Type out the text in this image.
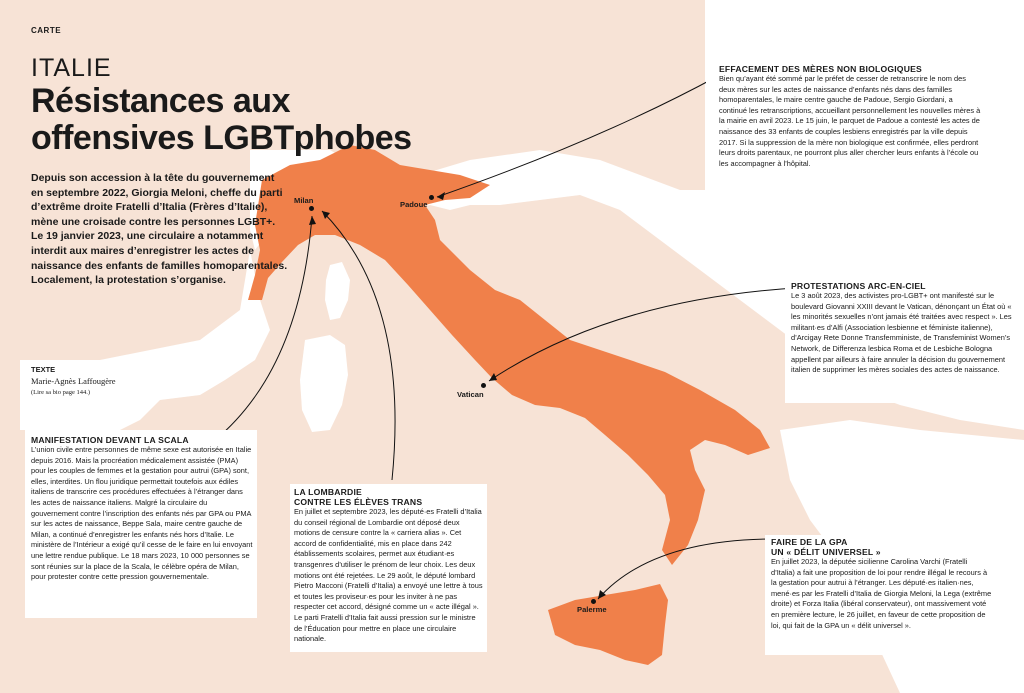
CARTE
ITALIE
Résistances aux
offensives LGBTphobes
Depuis son accession à la tête du gouvernement en septembre 2022, Giorgia Meloni, cheffe du parti d’extrême droite Fratelli d’Italia (Frères d’Italie), mène une croisade contre les personnes LGBT+. Le 19 janvier 2023, une circulaire a notamment interdit aux maires d’enregistrer les actes de naissance des enfants de familles homoparentales. Localement, la protestation s’organise.
TEXTE
Marie-Agnès Laffougère
(Lire sa bio page 144.)
Milan	Padoue
Vatican
Palerme
EFFACEMENT DES MÈRES NON BIOLOGIQUES
Bien qu’ayant été sommé par le préfet de cesser de retranscrire le nom des deux mères sur les actes de naissance d’enfants nés dans des familles homoparentales, le maire centre gauche de Padoue, Sergio Giordani, a continué les retranscriptions, accueillant personnellement les nouvelles mères à la mairie en avril 2023. Le 15 juin, le parquet de Padoue a contesté les actes de naissance des 33 enfants de couples lesbiens enregistrés par la ville depuis 2017. Si la suppression de la mère non biologique est confirmée, elles perdront leurs droits parentaux, ne pourront plus aller chercher leurs enfants à l’école ou les accompagner à l’hôpital.
PROTESTATIONS ARC-EN-CIEL
Le 3 août 2023, des activistes pro-LGBT+ ont manifesté sur le boulevard Giovanni XXIII devant le Vatican, dénonçant un État où « les minorités sexuelles n’ont jamais été traitées avec respect ». Les militant·es d’Alfi (Association lesbienne et féministe italienne), d’Arcigay Rete Donne Transfemministe, de Transfeminist Women’s Network, de Differenza lesbica Roma et de Lesbiche Bologna appellent par ailleurs à faire annuler la décision du gouvernement italien de supprimer les mères sociales des actes de naissance.
MANIFESTATION DEVANT LA SCALA
L’union civile entre personnes de même sexe est autorisée en Italie depuis 2016. Mais la procréation médicalement assistée (PMA) pour les couples de femmes et la gestation pour autrui (GPA) sont, elles, interdites. Un flou juridique permettait toutefois aux édiles italiens de transcrire ces procédures effectuées à l’étranger dans les actes de naissance italiens. Malgré la circulaire du gouvernement contre l’inscription des enfants nés par GPA ou PMA sur les actes de naissance, Beppe Sala, maire centre gauche de Milan, a continué d’enregistrer les enfants nés hors d’Italie. Le ministère de l’Intérieur a exigé qu’il cesse de le faire en lui envoyant une lettre rendue publique. Le 18 mars 2023, 10 000 personnes se sont réunies sur la place de la Scala, le célèbre opéra de Milan, pour protester contre cette pression gouvernementale.
LA LOMBARDIE
CONTRE LES ÉLÈVES TRANS
En juillet et septembre 2023, les député·es Fratelli d’Italia du conseil régional de Lombardie ont déposé deux motions de censure contre la « carriera alias ». Cet accord de confidentialité, mis en place dans 242 établissements scolaires, permet aux étudiant·es transgenres d’utiliser le prénom de leur choix. Les deux motions ont été rejetées. Le 29 août, le député lombard Pietro Macconi (Fratelli d’Italia) a envoyé une lettre à tous et toutes les proviseur·es pour les inviter à ne pas respecter cet accord, désigné comme un « acte illégal ». Le parti Fratelli d’Italia fait aussi pression sur le ministre de l’Éducation pour mettre en place une circulaire nationale.
FAIRE DE LA GPA
UN « DÉLIT UNIVERSEL »
En juillet 2023, la députée sicilienne Carolina Varchi (Fratelli d’Italia) a fait une proposition de loi pour rendre illégal le recours à la gestation pour autrui à l’étranger. Les député·es italien·nes, mené·es par les Fratelli d’Italia de Giorgia Meloni, la Lega (extrême droite) et Forza Italia (libéral conservateur), ont massivement voté en première lecture, le 26 juillet, en faveur de cette proposition de loi, qui fait de la GPA un « délit universel ».
